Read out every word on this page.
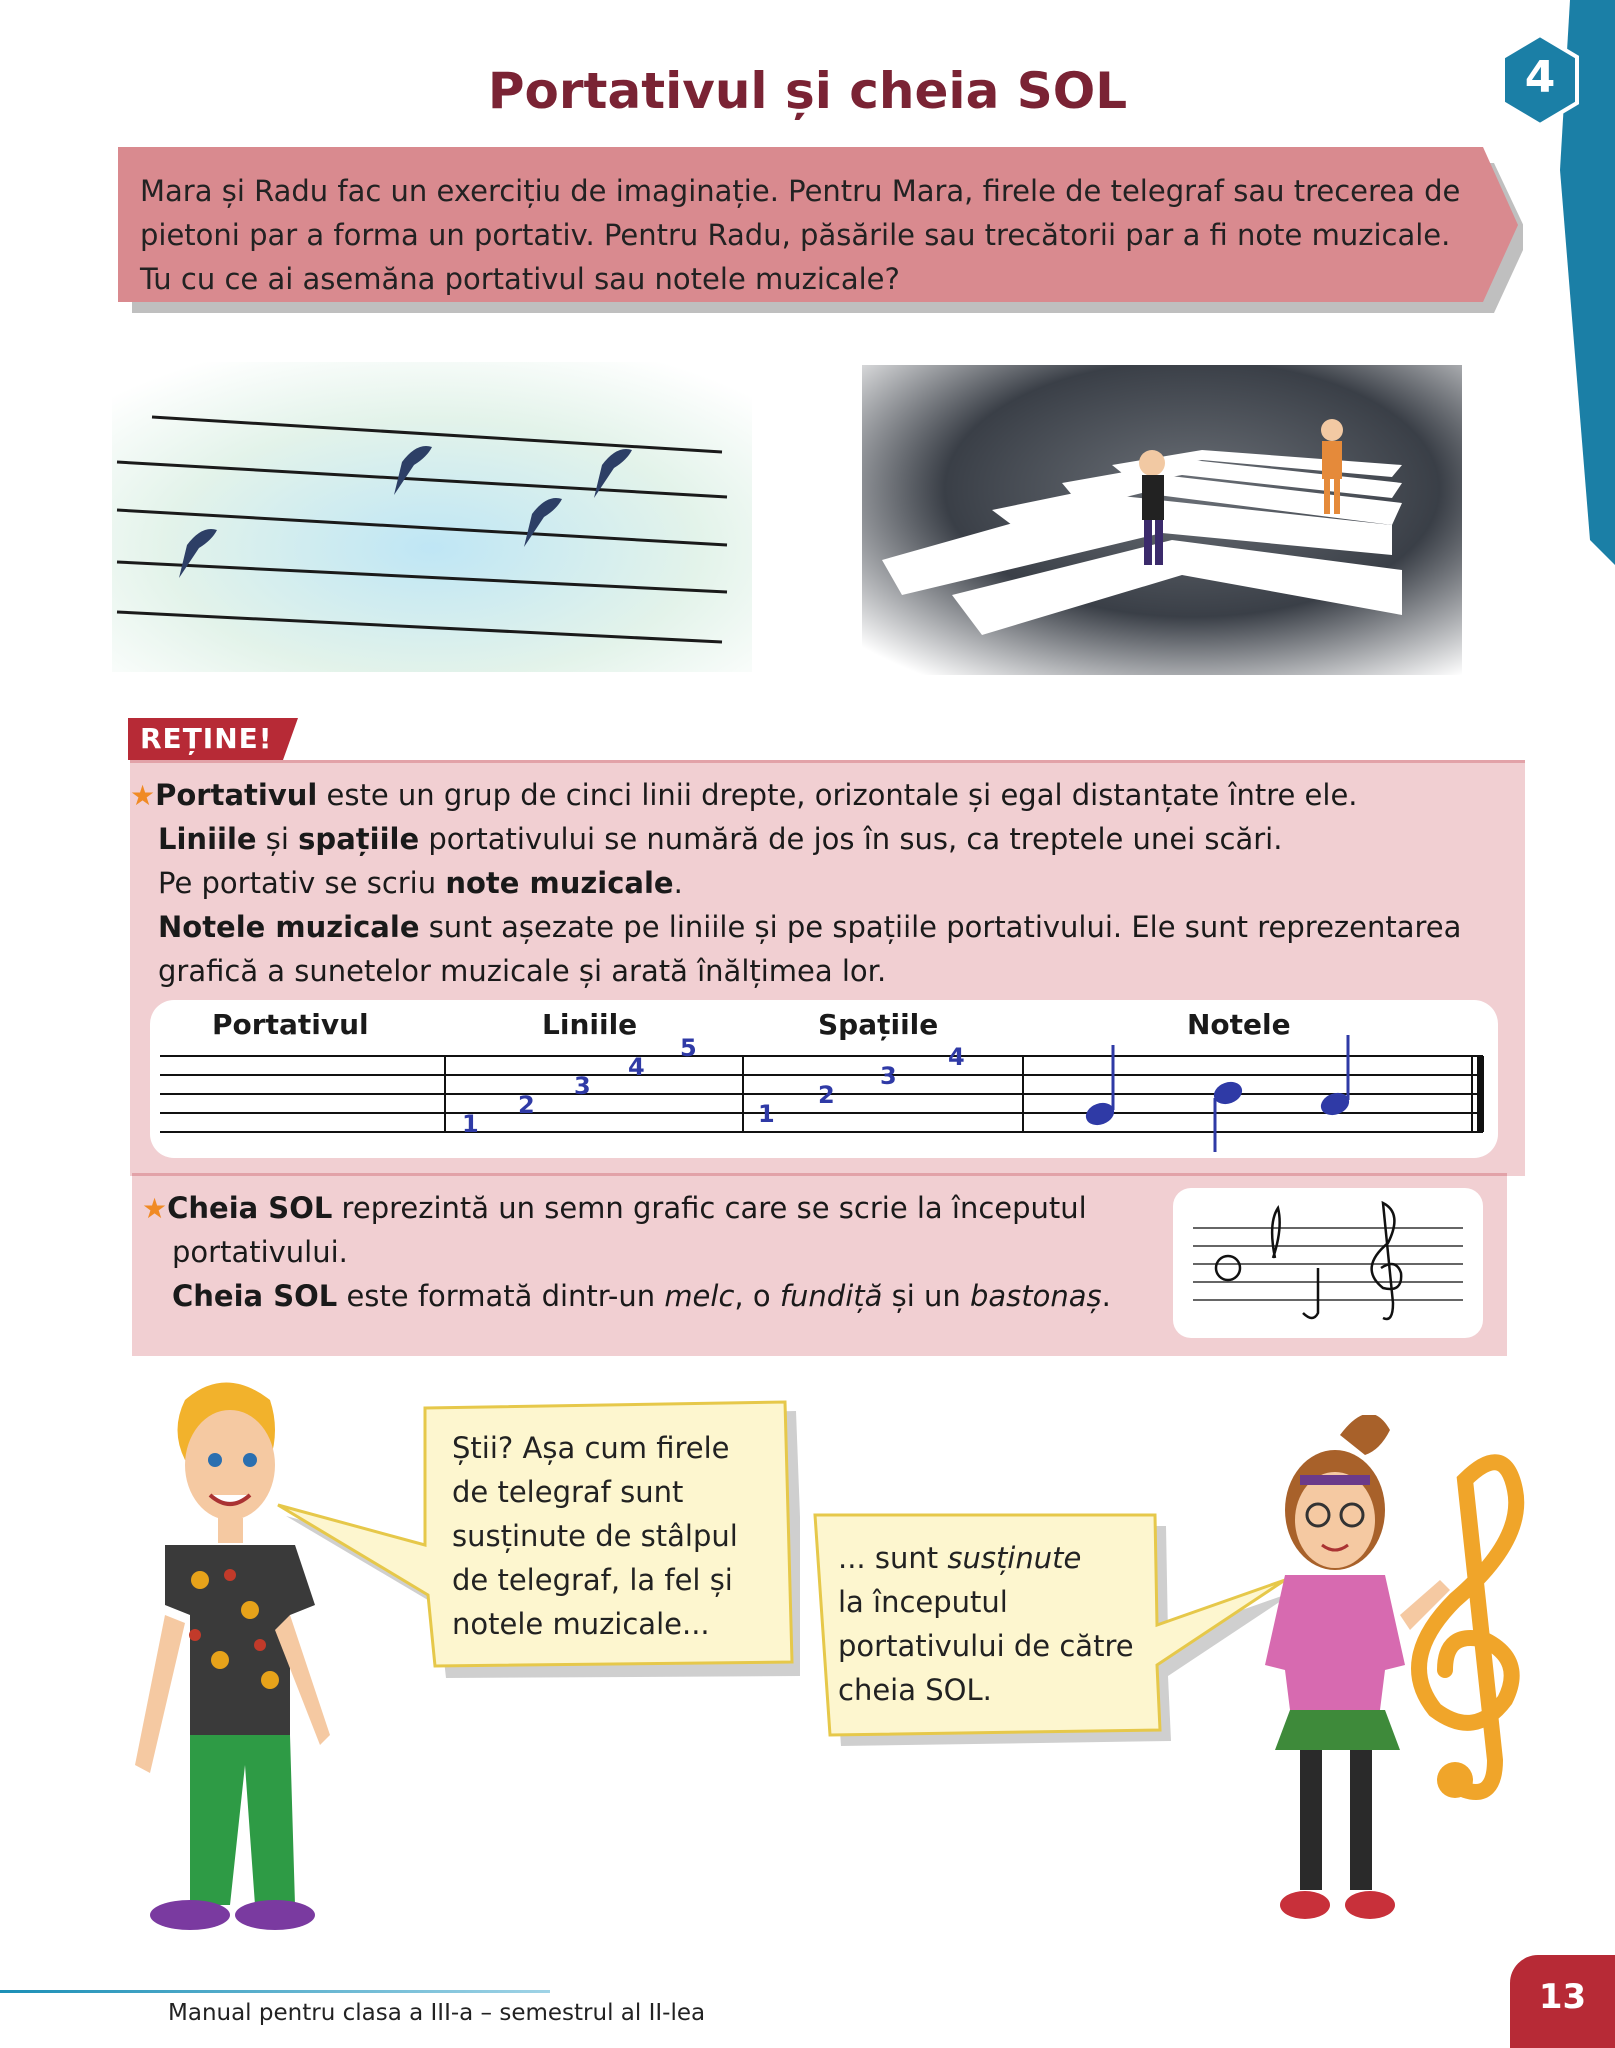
Portativul și cheia SOL	4
Mara și Radu fac un exercițiu de imaginație. Pentru Mara, firele de telegraf sau trecerea de
pietoni par a forma un portativ. Pentru Radu, păsările sau trecătorii par a fi note muzicale.
Tu cu ce ai asemăna portativul sau notele muzicale?
REȚINE!
★Portativul este un grup de cinci linii drepte, orizontale și egal distanțate între ele.
Liniile și spațiile portativului se numără de jos în sus, ca treptele unei scări.
Pe portativ se scriu note muzicale.
Notele muzicale sunt așezate pe liniile și pe spațiile portativului. Ele sunt reprezentarea
grafică a sunetelor muzicale și arată înălțimea lor.
Portativul	Liniile	Spațiile	Notele
1
2
3
4
5
1
2
3
4
★Cheia SOL reprezintă un semn grafic care se scrie la începutul
portativului.
Cheia SOL este formată dintr-un melc, o fundiță și un bastonaș.
Știi? Așa cum firele
de telegraf sunt
susținute de stâlpul
de telegraf, la fel și
notele muzicale...
... sunt susținute
la începutul
portativului de către
cheia SOL.
Manual pentru clasa a III-a – semestrul al II-lea	13
